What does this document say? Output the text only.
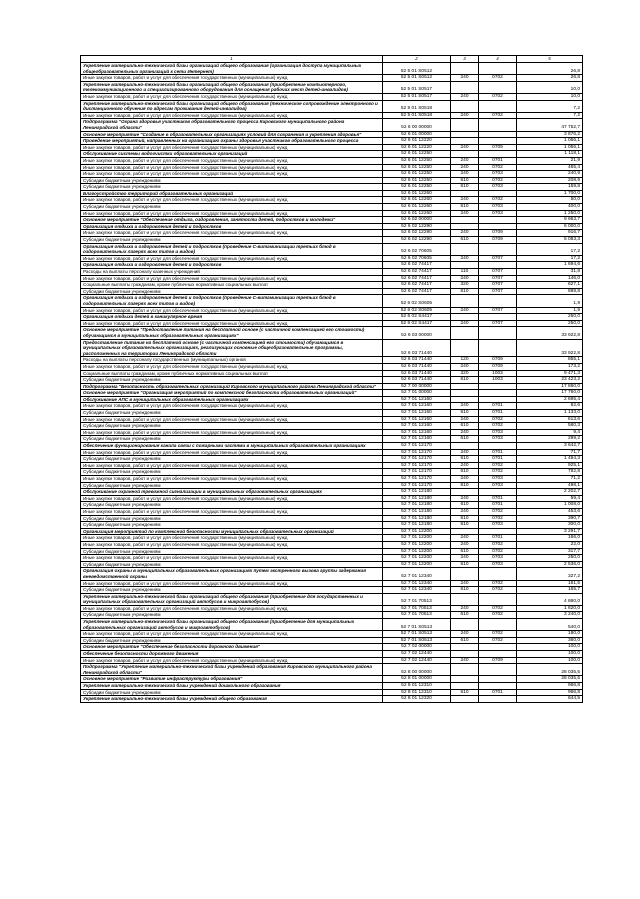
1	2	3	4	5
Укрепление материально-технической базы организаций общего образования (организация доступа муниципальных общеобразовательных организаций к сети Интернет)	52 5 01 S0512			26,8
Иные закупки товаров, работ и услуг для обеспечения государственных (муниципальных) нужд	52 5 01 S0512	240	0702	26,8
Укрепление материально-технической базы организаций общего образования (приобретение компьютерного, телекоммуникационного и специализированного оборудования для оснащения рабочих мест детей-инвалидов)	52 5 01 S0517			10,0
Иные закупки товаров, работ и услуг для обеспечения государственных (муниципальных) нужд	52 5 01 S0517	240	0702	10,0
Укрепление материально-технической базы организаций общего образования (техническое сопровождение электронного и дистанционного обучения по адресам проживания детей-инвалидов)	52 5 01 S0518			7,2
Иные закупки товаров, работ и услуг для обеспечения государственных (муниципальных) нужд	52 5 01 S0518	240	0702	7,2
Подпрограмма "Охрана здоровья участников образовательного процесса Кировского муниципального района Ленинградской области"	52 6 00 00000			47 752,7
Основное мероприятие "Создание в образовательных организациях условий для сохранения и укрепления здоровья"	52 6 01 00000			3 876,2
Проведение мероприятий, направленных на организацию охраны здоровья участников образовательного процесса	52 6 01 12220			1 056,1
Иные закупки товаров, работ и услуг для обеспечения государственных (муниципальных) нужд	52 6 01 12220	240	0709	1 056,1
Обслуживание системы водоочистки образовательных организаций	52 6 01 12250			1 118,1
Иные закупки товаров, работ и услуг для обеспечения государственных (муниципальных) нужд	52 6 01 12250	240	0701	21,9
Иные закупки товаров, работ и услуг для обеспечения государственных (муниципальных) нужд	52 6 01 12250	240	0702	465,4
Иные закупки товаров, работ и услуг для обеспечения государственных (муниципальных) нужд	52 6 01 12250	240	0703	240,9
Субсидии бюджетным учреждениям	52 6 01 12250	610	0702	208,9
Субсидии бюджетным учреждениям	52 6 01 12250	610	0703	159,8
Благоустройство территорий образовательных организаций	52 6 01 12260			1 700,0
Иные закупки товаров, работ и услуг для обеспечения государственных (муниципальных) нужд	52 6 01 12260	240	0702	50,0
Субсидии бюджетным учреждениям	52 6 01 12260	610	0703	400,0
Иные закупки товаров, работ и услуг для обеспечения государственных (муниципальных) нужд	52 6 01 12260	240	0703	1 250,0
Основное мероприятие "Обеспечение отдыха, оздоровления, занятости детей, подростков и молодежи"	52 6 02 00000			9 963,7
Организация отдыха и оздоровления детей и подростков	52 6 02 12290			6 000,0
Иные закупки товаров, работ и услуг для обеспечения государственных (муниципальных) нужд	52 6 02 12290	240	0709	916,7
Субсидии бюджетным учреждениям	52 6 02 12290	610	0709	5 083,3
Организация отдыха и оздоровления детей и подростков (проведение С-витаминизации третьих блюд в оздоровительных лагерях всех типов и видов)	52 6 02 70605			17,2
Иные закупки товаров, работ и услуг для обеспечения государственных (муниципальных) нужд	52 6 02 70605	240	0707	17,2
Организация отдыха и оздоровления детей и подростков	52 6 02 74417			1 694,6
Расходы на выплаты персоналу казенных учреждений	52 6 02 74417	110	0707	31,8
Иные закупки товаров, работ и услуг для обеспечения государственных (муниципальных) нужд	52 6 02 74417	240	0707	146,0
Социальные выплаты гражданам, кроме публичных нормативных социальных выплат	52 6 02 74417	320	0707	627,1
Субсидии бюджетным учреждениям	52 6 02 74417	610	0707	889,8
Организация отдыха и оздоровления детей и подростков (проведение С-витаминизации третьих блюд в оздоровительных лагерях всех типов и видов)	52 6 02 S0605			1,9
Иные закупки товаров, работ и услуг для обеспечения государственных (муниципальных) нужд	52 6 02 S0605	240	0707	1,9
Организация отдыха детей в каникулярное время	52 6 02 S4417			250,0
Иные закупки товаров, работ и услуг для обеспечения государственных (муниципальных) нужд	52 6 02 S4417	240	0707	250,0
Основное мероприятие "Предоставление питания на бесплатной основе (с частичной компенсацией его стоимости) обучающимся в муниципальных образовательных организациях"	52 6 03 00000			33 922,8
Предоставление питания на бесплатной основе (с частичной компенсацией его стоимости) обучающимся в муниципальных образовательных организациях, реализующих основные общеобразовательные программы, расположенных на территории Ленинградской области	52 6 03 71440			33 922,8
Расходы на выплаты персоналу государственных (муниципальных) органов	52 6 03 71440	120	0709	855,1
Иные закупки товаров, работ и услуг для обеспечения государственных (муниципальных) нужд	52 6 03 71440	240	0709	173,2
Социальные выплаты гражданам, кроме публичных нормативных социальных выплат	52 6 03 71440	320	1003	9 471,3
Субсидии бюджетным учреждениям	52 6 03 71440	610	1003	23 423,2
Подпрограмма "Безопасность образовательных организаций Кировского муниципального района Ленинградской области"	52 7 00 00000			17 860,0
Основное мероприятие "Организация мероприятий по комплексной безопасности образовательных организаций"	52 7 01 00000			17 760,0
Обслуживание АПС в муниципальных образовательных организациях	52 7 01 12160			2 695,4
Иные закупки товаров, работ и услуг для обеспечения государственных (муниципальных) нужд	52 7 01 12160	240	0701	82,6
Субсидии бюджетным учреждениям	52 7 01 12160	610	0701	1 133,0
Иные закупки товаров, работ и услуг для обеспечения государственных (муниципальных) нужд	52 7 01 12160	240	0702	613,6
Субсидии бюджетным учреждениям	52 7 01 12160	610	0702	580,3
Иные закупки товаров, работ и услуг для обеспечения государственных (муниципальных) нужд	52 7 01 12160	240	0703	9,4
Субсидии бюджетным учреждениям	52 7 01 12160	610	0703	299,2
Обеспечение функционирования канала связи с пожарными частями в муниципальных образовательных организациях	52 7 01 12170			3 642,7
Иные закупки товаров, работ и услуг для обеспечения государственных (муниципальных) нужд	52 7 01 12170	240	0701	71,7
Субсидии бюджетным учреждениям	52 7 01 12170	610	0701	1 494,3
Иные закупки товаров, работ и услуг для обеспечения государственных (муниципальных) нужд	52 7 01 12170	240	0702	925,1
Субсидии бюджетным учреждениям	52 7 01 12170	610	0702	782,8
Иные закупки товаров, работ и услуг для обеспечения государственных (муниципальных) нужд	52 7 01 12170	240	0703	71,2
Субсидии бюджетным учреждениям	52 7 01 12170	610	0703	498,1
Обслуживание охранной тревожной сигнализации в муниципальных образовательных организациях	52 7 01 12180			2 202,7
Иные закупки товаров, работ и услуг для обеспечения государственных (муниципальных) нужд	52 7 01 12180	240	0701	59,4
Субсидии бюджетным учреждениям	52 7 01 12180	610	0701	1 008,0
Иные закупки товаров, работ и услуг для обеспечения государственных (муниципальных) нужд	52 7 01 12180	240	0702	453,6
Субсидии бюджетным учреждениям	52 7 01 12180	610	0702	390,7
Субсидии бюджетным учреждениям	52 7 01 12180	610	0703	300,0
Организация мероприятий по комплексной безопасности муниципальных образовательных организаций	52 7 01 12200			3 291,7
Иные закупки товаров, работ и услуг для обеспечения государственных (муниципальных) нужд	52 7 01 12200	240	0701	166,0
Иные закупки товаров, работ и услуг для обеспечения государственных (муниципальных) нужд	52 7 01 12200	240	0702	22,0
Субсидии бюджетным учреждениям	52 7 01 12200	610	0702	317,7
Иные закупки товаров, работ и услуг для обеспечения государственных (муниципальных) нужд	52 7 01 12200	240	0703	250,0
Субсидии бюджетным учреждениям	52 7 01 12200	610	0703	2 536,0
Организация охраны в муниципальных образовательных организациях путем экстренного вызова группы задержания вневедомственной охраны	52 7 01 12340			327,2
Иные закупки товаров, работ и услуг для обеспечения государственных (муниципальных) нужд	52 7 01 12340	240	0702	161,5
Субсидии бюджетным учреждениям	52 7 01 12340	610	0702	165,7
Укрепление материально-технической базы организаций общего образования (приобретение для государственных и муниципальных образовательных организаций автобусов и микроавтобусов)	52 7 01 70513			4 860,0
Иные закупки товаров, работ и услуг для обеспечения государственных (муниципальных) нужд	52 7 01 70513	240	0702	1 620,0
Субсидии бюджетным учреждениям	52 7 01 70513	610	0702	3 240,0
Укрепление материально-технической базы организаций общего образования (приобретение для муниципальных образовательных организаций автобусов и микроавтобусов)	52 7 01 S0513			540,0
Иные закупки товаров, работ и услуг для обеспечения государственных (муниципальных) нужд	52 7 01 S0513	240	0702	180,0
Субсидии бюджетным учреждениям	52 7 01 S0513	610	0702	360,0
Основное мероприятие "Обеспечение безопасности дорожного движения"	52 7 02 00000			100,0
Обеспечение безопасности дорожного движения	52 7 02 12440			100,0
Иные закупки товаров, работ и услуг для обеспечения государственных (муниципальных) нужд	52 7 02 12440	240	0709	100,0
Подпрограмма "Укрепление материально-технической базы учреждений образования Кировского муниципального района Ленинградской области"	52 8 00 00000			28 035,5
Основное мероприятие "Развитие инфраструктуры образования"	52 8 01 00000			28 035,5
Укрепление материально-технической базы учреждений дошкольного образования	52 8 01 12310			966,8
Субсидии бюджетным учреждениям	52 8 01 12310	610	0701	966,8
Укрепление материально-технической базы учреждений общего образования	52 8 01 12320			644,5
